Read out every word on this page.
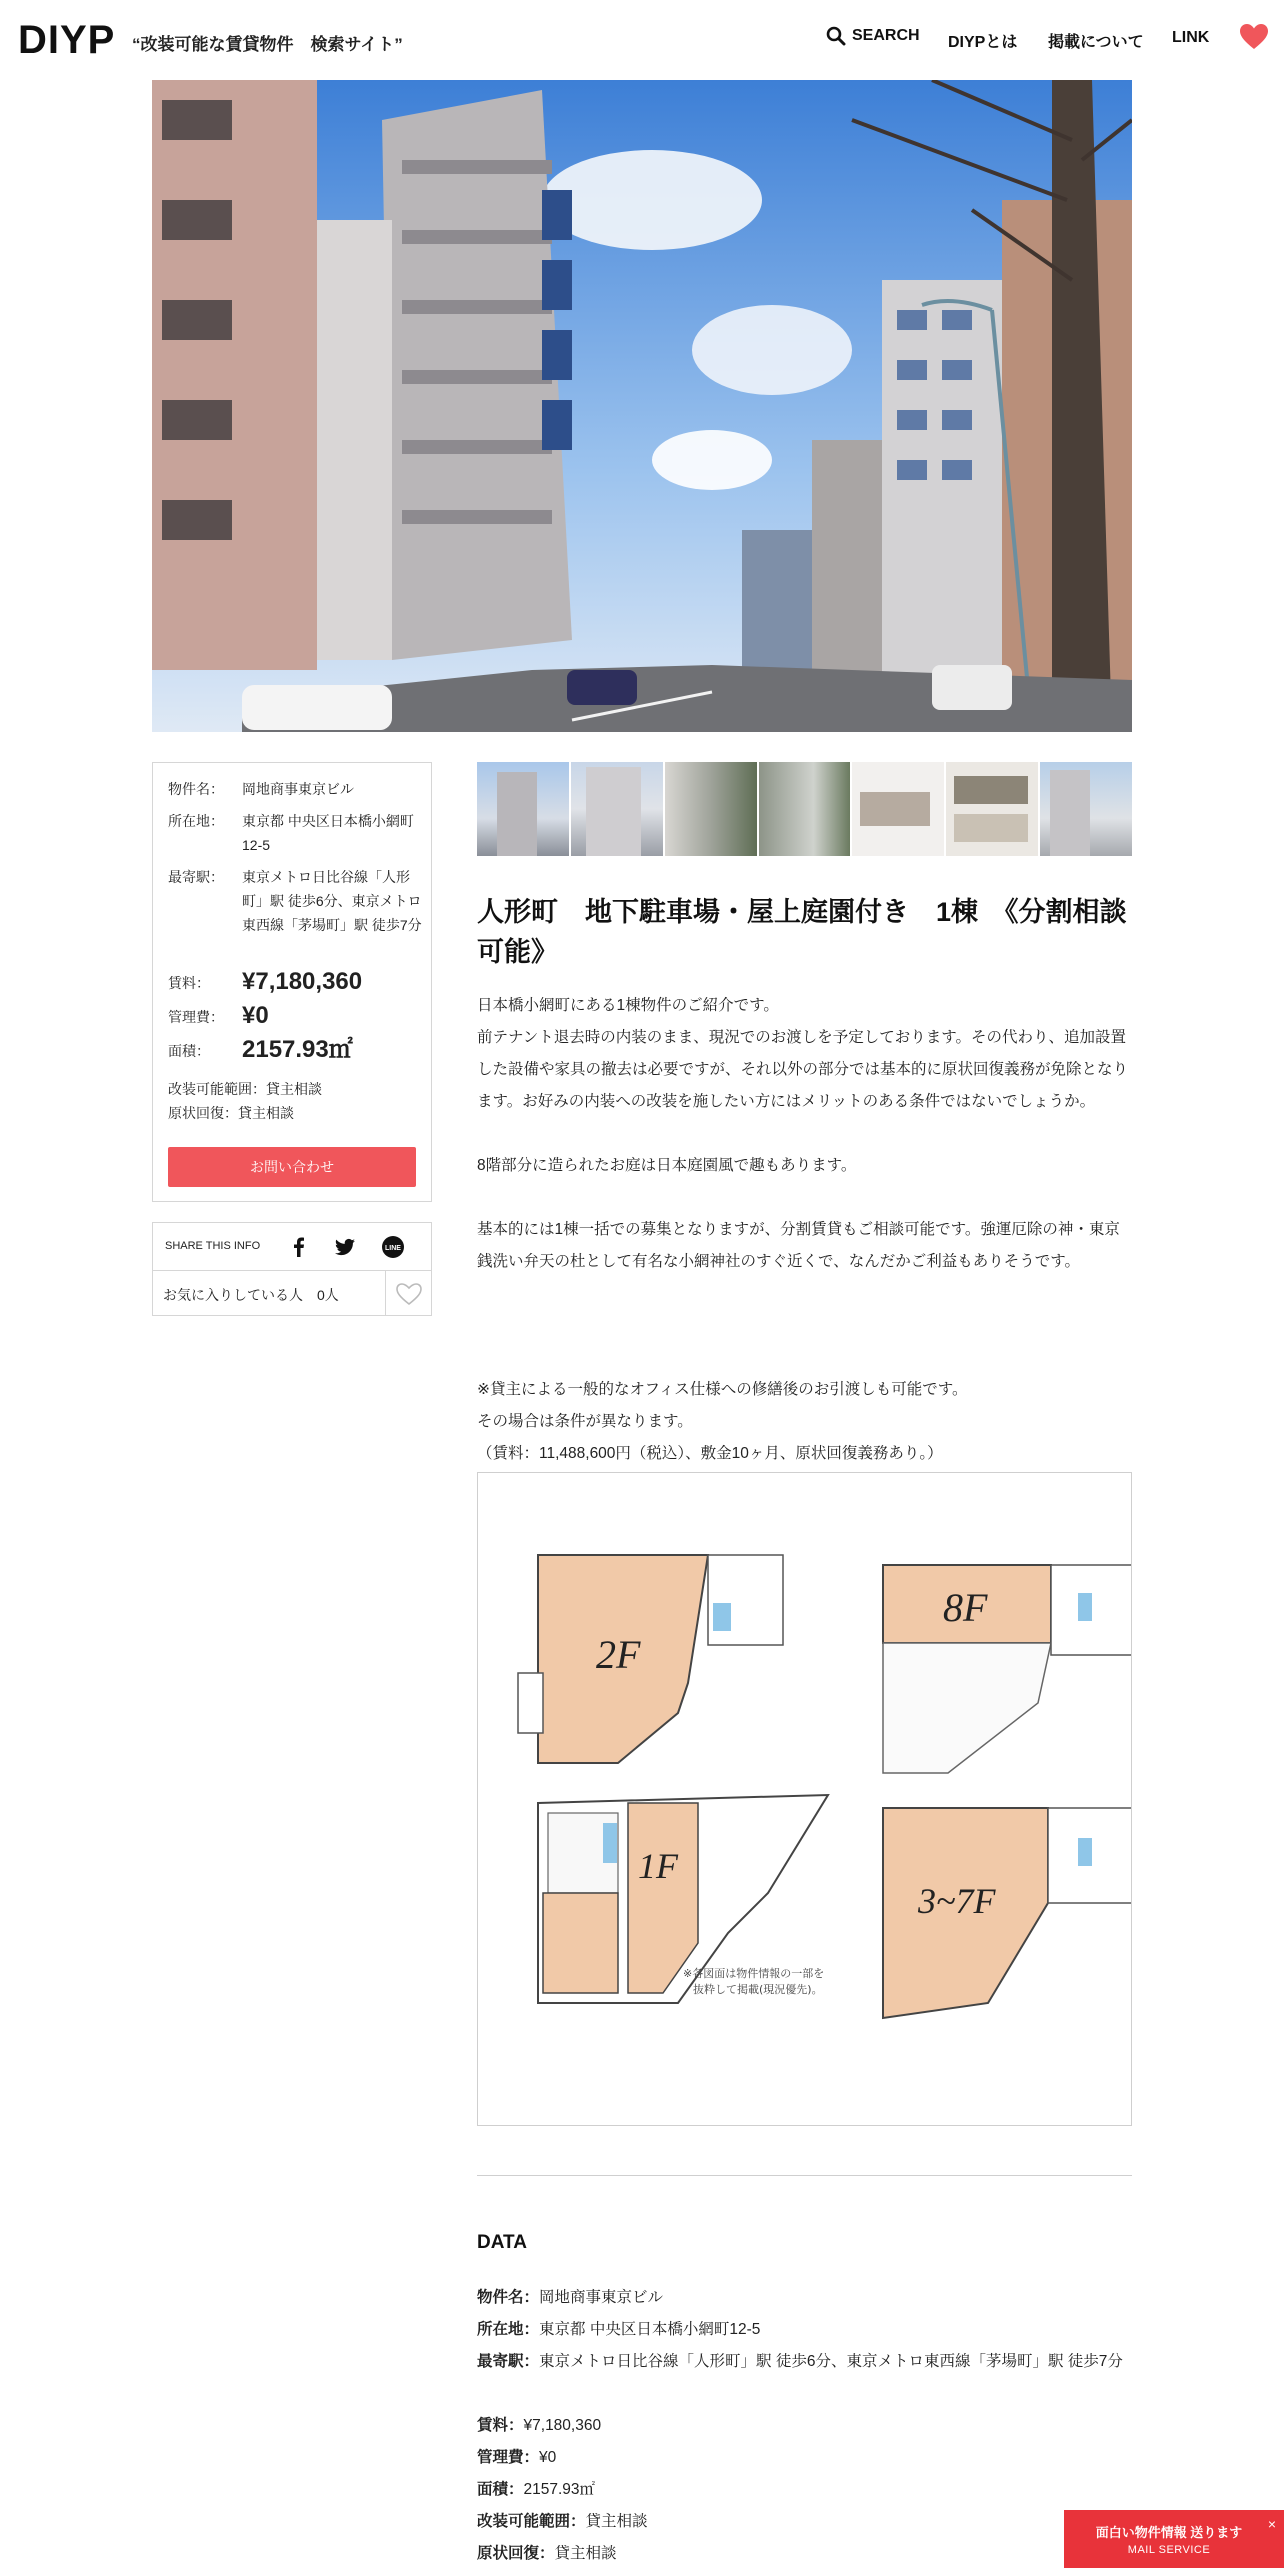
DIYP “改装可能な賃貸物件　検索サイト”	SEARCH DIYPとは 掲載について LINK
物件名：	岡地商事東京ビル
所在地：	東京都 中央区日本橋小網町12-5
最寄駅：	東京メトロ日比谷線「人形町」駅 徒歩6分、東京メトロ東西線「茅場町」駅 徒歩7分
賃料：	¥7,180,360
管理費： ¥0
面積：	2157.93㎡
改装可能範囲：貸主相談
原状回復：貸主相談
お問い合わせ
SHARE THIS INFO	LINE
お気に入りしている人　0人
人形町　地下駐車場・屋上庭園付き　1棟　《分割相談可能》
日本橋小網町にある1棟物件のご紹介です。
前テナント退去時の内装のまま、現況でのお渡しを予定しております。その代わり、追加設置した設備や家具の撤去は必要ですが、それ以外の部分では基本的に原状回復義務が免除となります。お好みの内装への改装を施したい方にはメリットのある条件ではないでしょうか。
8階部分に造られたお庭は日本庭園風で趣もあります。
基本的には1棟一括での募集となりますが、分割賃貸もご相談可能です。強運厄除の神・東京銭洗い弁天の杜として有名な小網神社のすぐ近くで、なんだかご利益もありそうです。
※貸主による一般的なオフィス仕様への修繕後のお引渡しも可能です。
その場合は条件が異なります。
（賃料：11,488,600円（税込）、敷金10ヶ月、原状回復義務あり。）
2F
8F
1F
※各図面は物件情報の一部を
抜粋して掲載(現況優先)。
3~7F
DATA
物件名：岡地商事東京ビル
所在地：東京都 中央区日本橋小網町12-5
最寄駅：東京メトロ日比谷線「人形町」駅 徒歩6分、東京メトロ東西線「茅場町」駅 徒歩7分
賃料：¥7,180,360
管理費：¥0
面積：2157.93㎡
改装可能範囲：貸主相談
原状回復：貸主相談
面白い物件情報 送ります
MAIL SERVICE
×
